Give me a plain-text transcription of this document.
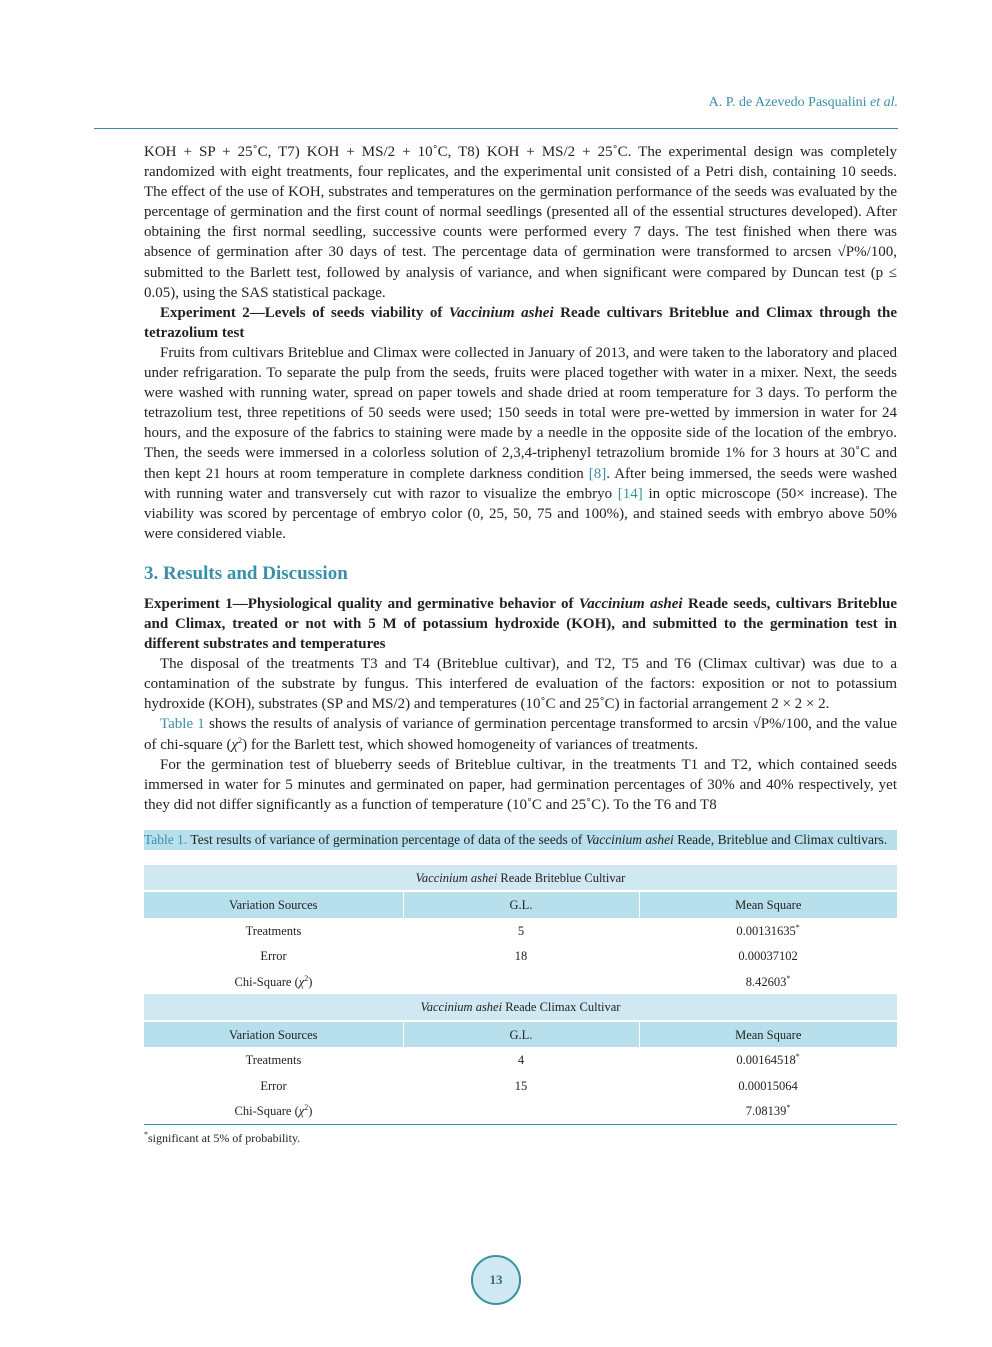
A. P. de Azevedo Pasqualini et al.

KOH + SP + 25˚C, T7) KOH + MS/2 + 10˚C, T8) KOH + MS/2 + 25˚C. The experimental design was completely randomized with eight treatments, four replicates, and the experimental unit consisted of a Petri dish, containing 10 seeds. The effect of the use of KOH, substrates and temperatures on the germination performance of the seeds was evaluated by the percentage of germination and the first count of normal seedlings (presented all of the essential structures developed). After obtaining the first normal seedling, successive counts were performed every 7 days. The test finished when there was absence of germination after 30 days of test. The percentage data of germination were transformed to arcsen √P%/100, submitted to the Barlett test, followed by analysis of variance, and when significant were compared by Duncan test (p ≤ 0.05), using the SAS statistical package.

Experiment 2—Levels of seeds viability of Vaccinium ashei Reade cultivars Briteblue and Climax through the tetrazolium test

Fruits from cultivars Briteblue and Climax were collected in January of 2013, and were taken to the laboratory and placed under refrigaration. To separate the pulp from the seeds, fruits were placed together with water in a mixer. Next, the seeds were washed with running water, spread on paper towels and shade dried at room temperature for 3 days. To perform the tetrazolium test, three repetitions of 50 seeds were used; 150 seeds in total were pre-wetted by immersion in water for 24 hours, and the exposure of the fabrics to staining were made by a needle in the opposite side of the location of the embryo. Then, the seeds were immersed in a colorless solution of 2,3,4-triphenyl tetrazolium bromide 1% for 3 hours at 30˚C and then kept 21 hours at room temperature in complete darkness condition [8]. After being immersed, the seeds were washed with running water and transversely cut with razor to visualize the embryo [14] in optic microscope (50× increase). The viability was scored by percentage of embryo color (0, 25, 50, 75 and 100%), and stained seeds with embryo above 50% were considered viable.

3. Results and Discussion

Experiment 1—Physiological quality and germinative behavior of Vaccinium ashei Reade seeds, cultivars Briteblue and Climax, treated or not with 5 M of potassium hydroxide (KOH), and submitted to the germination test in different substrates and temperatures

The disposal of the treatments T3 and T4 (Briteblue cultivar), and T2, T5 and T6 (Climax cultivar) was due to a contamination of the substrate by fungus. This interfered de evaluation of the factors: exposition or not to potassium hydroxide (KOH), substrates (SP and MS/2) and temperatures (10˚C and 25˚C) in factorial arrangement 2 × 2 × 2.

Table 1 shows the results of analysis of variance of germination percentage transformed to arcsin √P%/100, and the value of chi-square $(\chi^2)$ for the Barlett test, which showed homogeneity of variances of treatments.

For the germination test of blueberry seeds of Briteblue cultivar, in the treatments T1 and T2, which contained seeds immersed in water for 5 minutes and germinated on paper, had germination percentages of 30% and 40% respectively, yet they did not differ significantly as a function of temperature (10˚C and 25˚C). To the T6 and T8

Table 1. Test results of variance of germination percentage of data of the seeds of Vaccinium ashei Reade, Briteblue and Climax cultivars.
Vaccinium ashei Reade Briteblue Cultivar		
Variation Sources	G.L.	Mean Square
Treatments	5	0.00131635*
Error	18	0.00037102
Chi-Square $(\chi^2)$		8.42603*
Vaccinium ashei Reade Climax Cultivar		
Variation Sources	G.L.	Mean Square
Treatments	4	0.00164518*
Error	15	0.00015064
Chi-Square $(\chi^2)$		7.08139*
*significant at 5% of probability.
13
